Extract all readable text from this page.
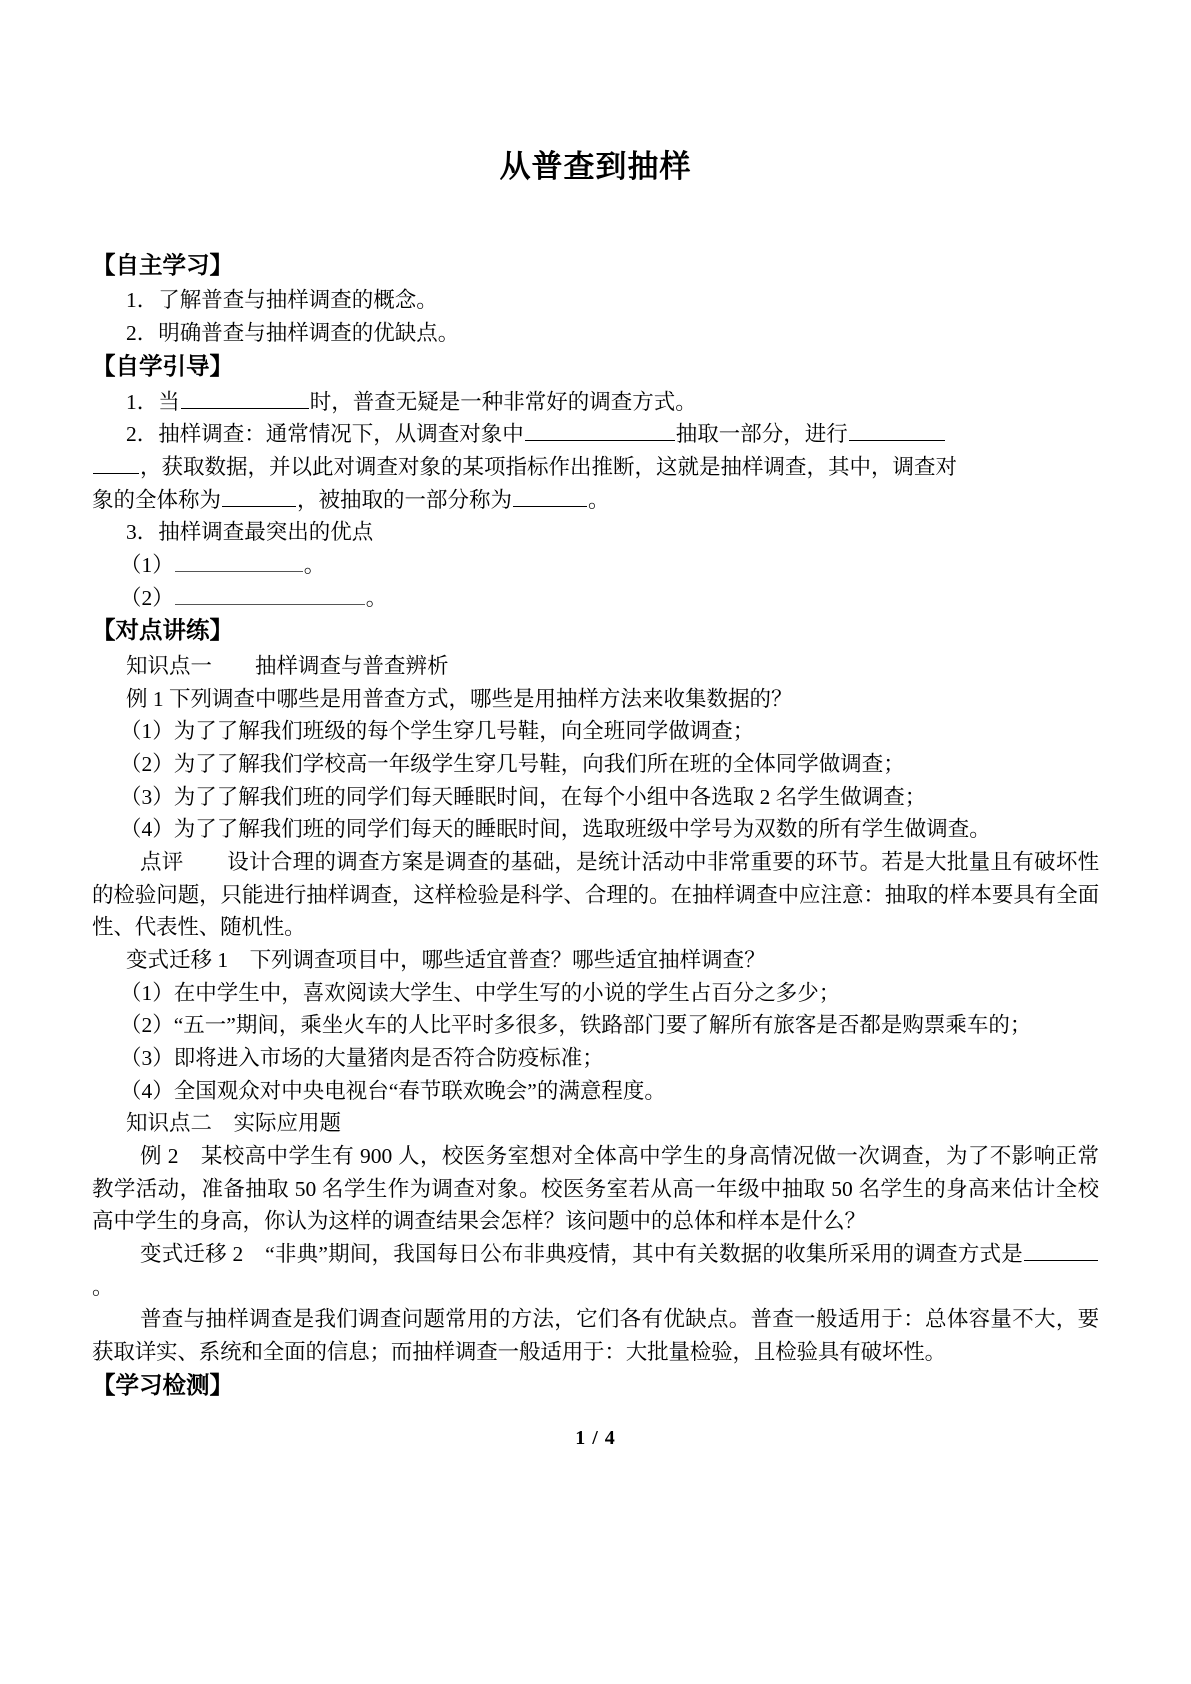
从普查到抽样
【自主学习】
1．了解普查与抽样调查的概念。
2．明确普查与抽样调查的优缺点。
【自学引导】
1．当	时，普查无疑是一种非常好的调查方式。
2．抽样调查：通常情况下，从调查对象中	抽取一部分，进行
，获取数据，并以此对调查对象的某项指标作出推断，这就是抽样调查，其中，调查对
象的全体称为	，被抽取的一部分称为	。
3．抽样调查最突出的优点
（1）	。
（2）	。
【对点讲练】
知识点一　　 抽样调查与普查辨析
例 1 下列调查中哪些是用普查方式，哪些是用抽样方法来收集数据的？
（1）为了了解我们班级的每个学生穿几号鞋，向全班同学做调查；
（2）为了了解我们学校高一年级学生穿几号鞋，向我们所在班的全体同学做调查；
（3）为了了解我们班的同学们每天睡眠时间，在每个小组中各选取 2 名学生做调查；
（4）为了了解我们班的同学们每天的睡眠时间，选取班级中学号为双数的所有学生做调查。
点评　　 设计合理的调查方案是调查的基础，是统计活动中非常重要的环节。若是大批量且有破坏性的检验问题，只能进行抽样调查，这样检验是科学、合理的。在抽样调查中应注意：抽取的样本要具有全面性、代表性、随机性。
变式迁移 1　 下列调查项目中，哪些适宜普查？哪些适宜抽样调查？
（1）在中学生中，喜欢阅读大学生、中学生写的小说的学生占百分之多少；
（2）“五一”期间，乘坐火车的人比平时多很多，铁路部门要了解所有旅客是否都是购票乘车的；
（3）即将进入市场的大量猪肉是否符合防疫标准；
（4）全国观众对中央电视台“春节联欢晚会”的满意程度。
知识点二　 实际应用题
例 2　 某校高中学生有 900 人，校医务室想对全体高中学生的身高情况做一次调查，为了不影响正常教学活动，准备抽取 50 名学生作为调查对象。校医务室若从高一年级中抽取 50 名学生的身高来估计全校高中学生的身高，你认为这样的调查结果会怎样？该问题中的总体和样本是什么？
变式迁移 2　 “非典”期间，我国每日公布非典疫情，其中有关数据的收集所采用的调查方式是。
普查与抽样调查是我们调查问题常用的方法，它们各有优缺点。普查一般适用于：总体容量不大，要获取详实、系统和全面的信息；而抽样调查一般适用于：大批量检验，且检验具有破坏性。
【学习检测】
1 / 4
